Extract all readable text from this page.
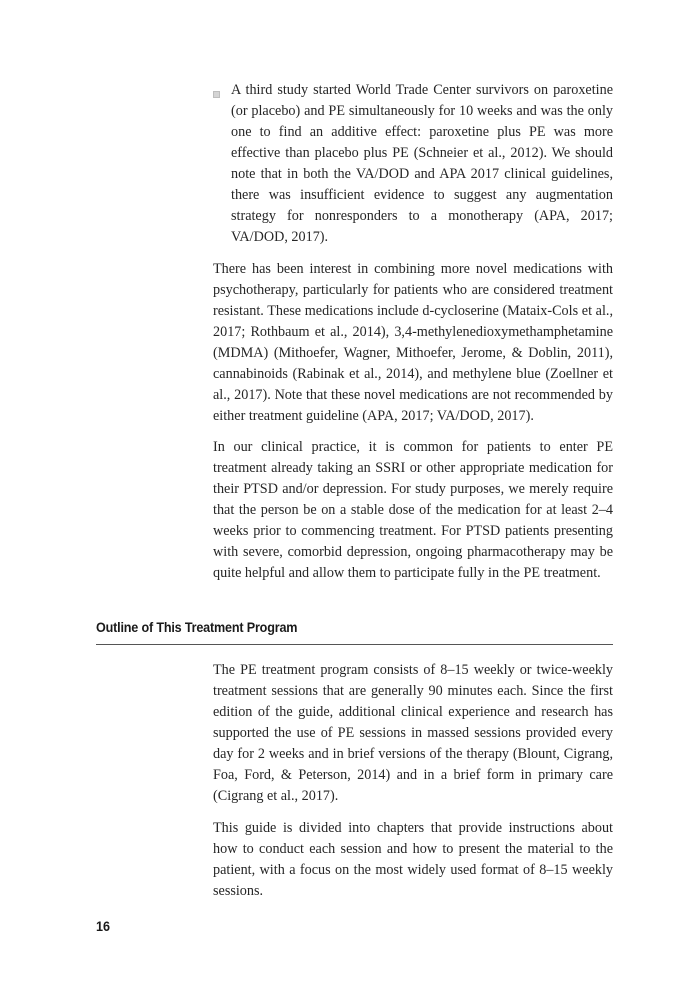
A third study started World Trade Center survivors on paroxetine (or placebo) and PE simultaneously for 10 weeks and was the only one to find an additive effect: paroxetine plus PE was more effective than placebo plus PE (Schneier et al., 2012). We should note that in both the VA/DOD and APA 2017 clinical guidelines, there was insufficient evidence to suggest any augmentation strategy for nonresponders to a monotherapy (APA, 2017; VA/DOD, 2017).

There has been interest in combining more novel medications with psychotherapy, particularly for patients who are considered treatment resistant. These medications include d-cycloserine (Mataix-Cols et al., 2017; Rothbaum et al., 2014), 3,4-methylenedioxymethamphetamine (MDMA) (Mithoefer, Wagner, Mithoefer, Jerome, & Doblin, 2011), cannabinoids (Rabinak et al., 2014), and methylene blue (Zoellner et al., 2017). Note that these novel medications are not recommended by either treatment guideline (APA, 2017; VA/DOD, 2017).

In our clinical practice, it is common for patients to enter PE treatment already taking an SSRI or other appropriate medication for their PTSD and/or depression. For study purposes, we merely require that the person be on a stable dose of the medication for at least 2–4 weeks prior to commencing treatment. For PTSD patients presenting with severe, comorbid depression, ongoing pharmacotherapy may be quite helpful and allow them to participate fully in the PE treatment.

Outline of This Treatment Program

The PE treatment program consists of 8–15 weekly or twice-weekly treatment sessions that are generally 90 minutes each. Since the first edition of the guide, additional clinical experience and research has supported the use of PE sessions in massed sessions provided every day for 2 weeks and in brief versions of the therapy (Blount, Cigrang, Foa, Ford, & Peterson, 2014) and in a brief form in primary care (Cigrang et al., 2017).

This guide is divided into chapters that provide instructions about how to conduct each session and how to present the material to the patient, with a focus on the most widely used format of 8–15 weekly sessions.

16
